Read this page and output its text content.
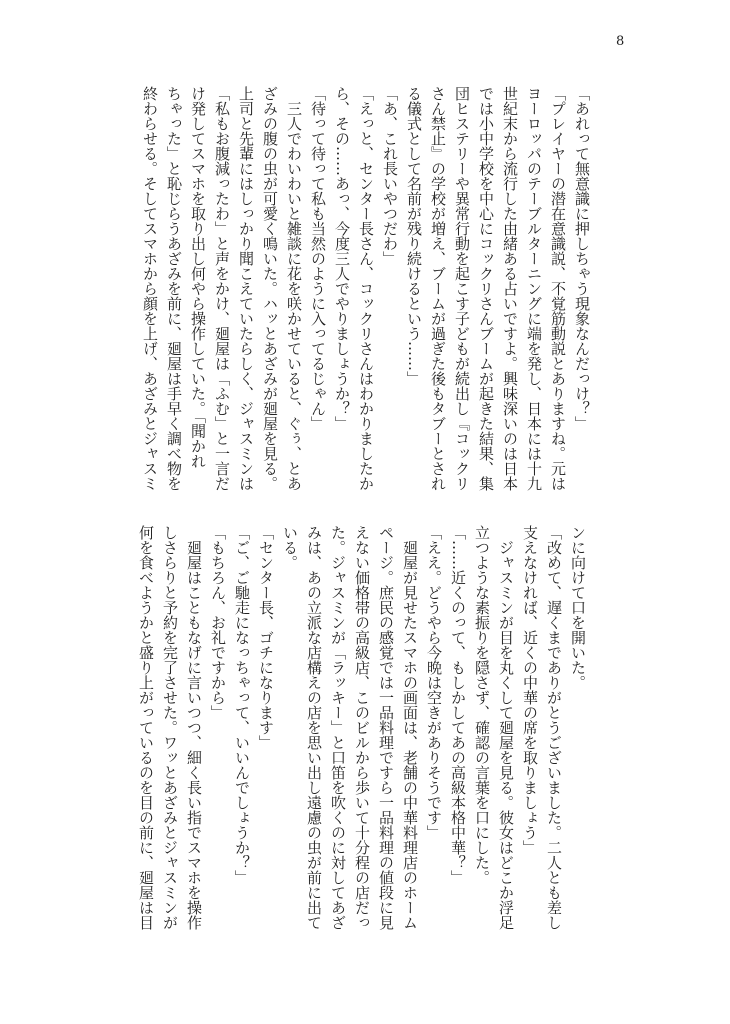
8
「あれって無意識に押しちゃう現象なんだっけ？」
「プレイヤーの潜在意識説、不覚筋動説とありますね。元は
ヨーロッパのテーブルターニングに端を発し、日本には十九
世紀末から流行した由緒ある占いですよ。興味深いのは日本
では小中学校を中心にコックリさんブームが起きた結果、集
団ヒステリーや異常行動を起こす子どもが続出し『コックリ
さん禁止』の学校が増え、ブームが過ぎた後もタブーとされ
る儀式として名前が残り続けるという……」
「あ、これ長いやつだわ」
「えっと、センター長さん、コックリさんはわかりましたか
ら、その……あっ、今度三人でやりましょうか？」
「待って待って私も当然のように入ってるじゃん」
　三人でわいわいと雑談に花を咲かせていると、ぐぅ、とあ
ざみの腹の虫が可愛く鳴いた。ハッとあざみが廻屋を見る。
上司と先輩にはしっかり聞こえていたらしく、ジャスミンは
「私もお腹減ったわ」と声をかけ、廻屋は「ふむ」と一言だ
け発してスマホを取り出し何やら操作していた。「聞かれ
ちゃった」と恥じらうあざみを前に、廻屋は手早く調べ物を
終わらせる。そしてスマホから顔を上げ、あざみとジャスミ
ンに向けて口を開いた。
「改めて、遅くまでありがとうございました。二人とも差し
支えなければ、近くの中華の席を取りましょう」
　ジャスミンが目を丸くして廻屋を見る。彼女はどこか浮足
立つような素振りを隠さず、確認の言葉を口にした。
「……近くのって、もしかしてあの高級本格中華？」
「ええ。どうやら今晩は空きがありそうです」
　廻屋が見せたスマホの画面は、老舗の中華料理店のホーム
ページ。庶民の感覚では一品料理ですら一品料理の値段に見
えない価格帯の高級店、このビルから歩いて十分程の店だっ
た。ジャスミンが「ラッキー」と口笛を吹くのに対してあざ
みは、あの立派な店構えの店を思い出し遠慮の虫が前に出て
いる。
「センター長、ゴチになります」
「ご、ご馳走になっちゃって、いいんでしょうか？」
「もちろん、お礼ですから」
　廻屋はこともなげに言いつつ、細く長い指でスマホを操作
しさらりと予約を完了させた。ワッとあざみとジャスミンが
何を食べようかと盛り上がっているのを目の前に、廻屋は目
